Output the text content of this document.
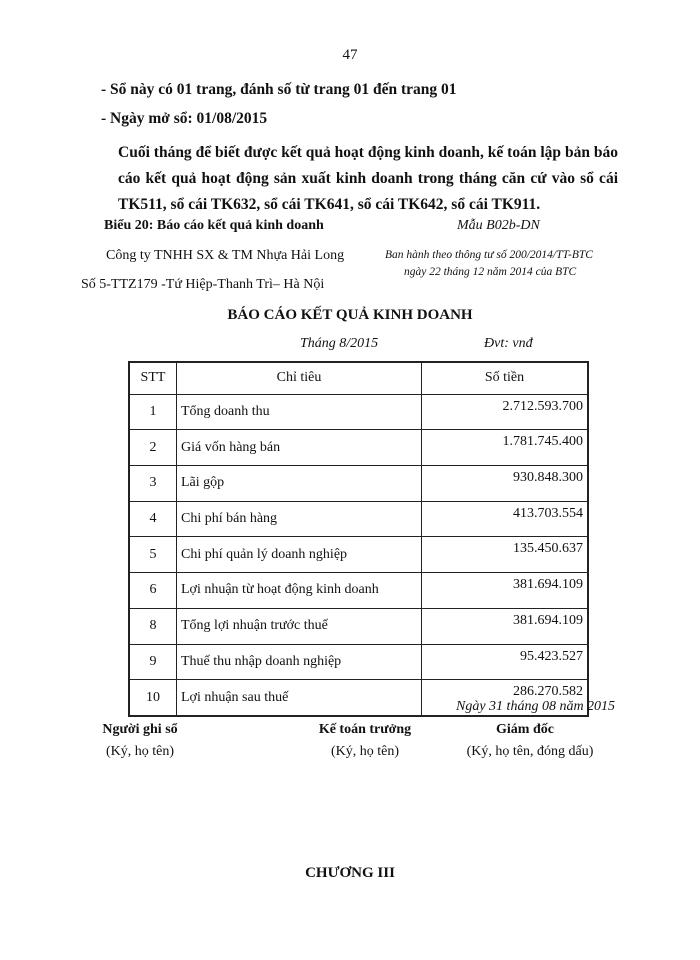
47
- Sổ này có 01 trang, đánh số từ trang 01 đến trang 01
- Ngày mở sổ: 01/08/2015
Cuối tháng để biết được kết quả hoạt động kinh doanh, kế toán lập bản báo cáo kết quả hoạt động sản xuất kinh doanh trong tháng căn cứ vào sổ cái TK511, sổ cái TK632, sổ cái TK641, sổ cái TK642, sổ cái TK911.
Biểu 20: Báo cáo kết quả kinh doanh	Mẫu B02b-DN
Công ty TNHH SX & TM Nhựa Hải Long
Số 5-TTZ179 -Tứ Hiệp-Thanh Trì– Hà Nội
Ban hành theo thông tư số 200/2014/TT-BTC
ngày 22 tháng 12 năm 2014 của BTC
BÁO CÁO KẾT QUẢ KINH DOANH
Tháng 8/2015	Đvt: vnđ
STT	Chỉ tiêu	Số tiền
1	Tổng doanh thu	2.712.593.700
2	Giá vốn hàng bán	1.781.745.400
3	Lãi gộp	930.848.300
4	Chi phí bán hàng	413.703.554
5	Chi phí quản lý doanh nghiệp	135.450.637
6	Lợi nhuận từ hoạt động kinh doanh	381.694.109
8	Tổng lợi nhuận trước thuế	381.694.109
9	Thuế thu nhập doanh nghiệp	95.423.527
10	Lợi nhuận sau thuế	286.270.582
Ngày 31 tháng 08 năm 2015
Người ghi sổ
(Ký, họ tên)
Kế toán trưởng
(Ký, họ tên)
Giám đốc
(Ký, họ tên, đóng dấu)
CHƯƠNG III
